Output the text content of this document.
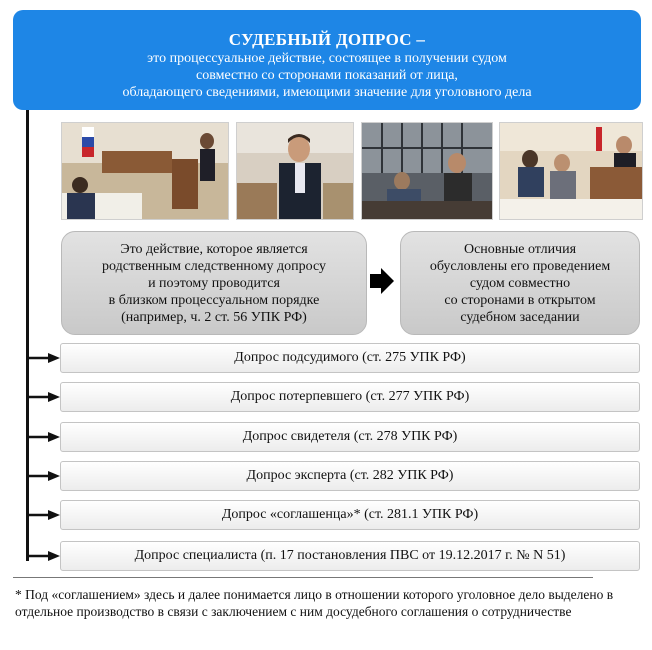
СУДЕБНЫЙ ДОПРОС –
это процессуальное действие, состоящее в получении судом
совместно со сторонами показаний от лица,
обладающего сведениями, имеющими значение для уголовного дела
Это действие, которое является
родственным следственному допросу
и поэтому проводится
в близком процессуальном порядке
(например, ч. 2 ст. 56 УПК РФ)
Основные отличия
обусловлены его проведением
судом совместно
со сторонами в открытом
судебном заседании
Допрос подсудимого (ст. 275 УПК РФ)
Допрос потерпевшего (ст. 277 УПК РФ)
Допрос свидетеля (ст. 278 УПК РФ)
Допрос эксперта (ст. 282 УПК РФ)
Допрос «соглашенца»* (ст. 281.1 УПК РФ)
Допрос специалиста (п. 17 постановления ПВС от 19.12.2017 г. № N 51)
* Под «соглашением» здесь и далее понимается лицо в отношении которого уголовное дело выделено в отдельное производство в связи с заключением с ним досудебного соглашения о сотрудничестве
